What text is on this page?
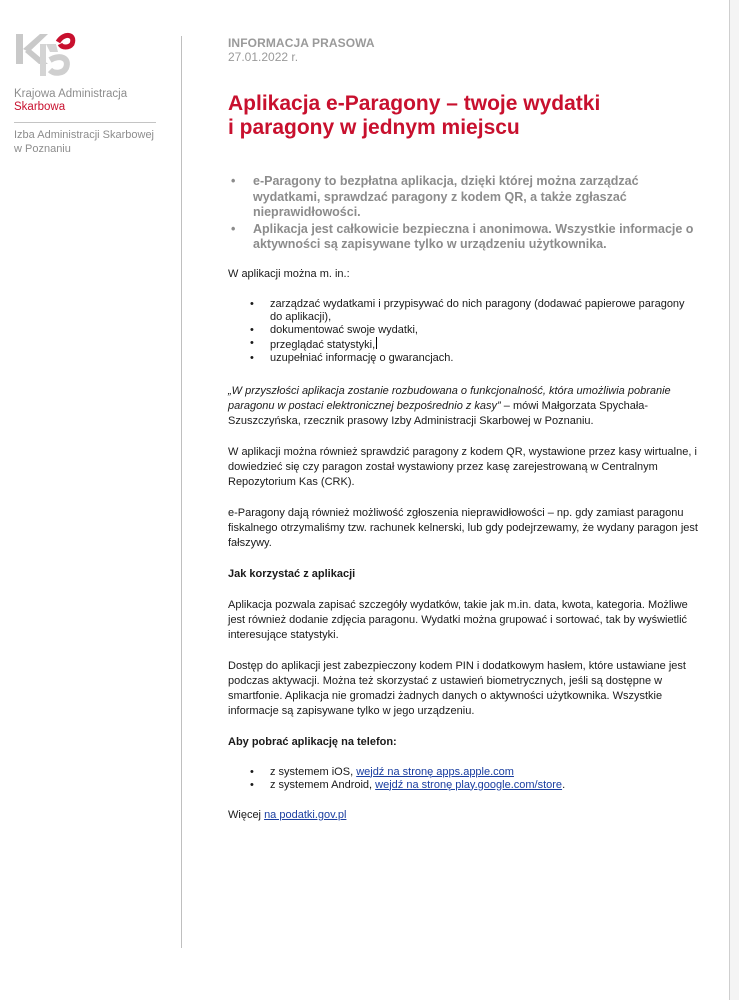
Krajowa Administracja
Skarbowa
Izba Administracji Skarbowej
w Poznaniu
INFORMACJA PRASOWA
27.01.2022 r.
Aplikacja e-Paragony – twoje wydatki
i paragony w jednym miejscu
• e-Paragony to bezpłatna aplikacja, dzięki której można zarządzać wydatkami, sprawdzać paragony z kodem QR, a także zgłaszać nieprawidłowości.
• Aplikacja jest całkowicie bezpieczna i anonimowa. Wszystkie informacje o aktywności są zapisywane tylko w urządzeniu użytkownika.

W aplikacji można m. in.:

• zarządzać wydatkami i przypisywać do nich paragony (dodawać papierowe paragony do aplikacji),
• dokumentować swoje wydatki,
• przeglądać statystyki,
• uzupełniać informację o gwarancjach.

„W przyszłości aplikacja zostanie rozbudowana o funkcjonalność, która umożliwia pobranie paragonu w postaci elektronicznej bezpośrednio z kasy” – mówi Małgorzata Spychała-Szuszczyńska, rzecznik prasowy Izby Administracji Skarbowej w Poznaniu.

W aplikacji można również sprawdzić paragony z kodem QR, wystawione przez kasy wirtualne, i dowiedzieć się czy paragon został wystawiony przez kasę zarejestrowaną w Centralnym Repozytorium Kas (CRK).

e-Paragony dają również możliwość zgłoszenia nieprawidłowości – np. gdy zamiast paragonu fiskalnego otrzymaliśmy tzw. rachunek kelnerski, lub gdy podejrzewamy, że wydany paragon jest fałszywy.

Jak korzystać z aplikacji

Aplikacja pozwala zapisać szczegóły wydatków, takie jak m.in. data, kwota, kategoria. Możliwe jest również dodanie zdjęcia paragonu. Wydatki można grupować i sortować, tak by wyświetlić interesujące statystyki.

Dostęp do aplikacji jest zabezpieczony kodem PIN i dodatkowym hasłem, które ustawiane jest podczas aktywacji. Można też skorzystać z ustawień biometrycznych, jeśli są dostępne w smartfonie. Aplikacja nie gromadzi żadnych danych o aktywności użytkownika. Wszystkie informacje są zapisywane tylko w jego urządzeniu.

Aby pobrać aplikację na telefon:

• z systemem iOS, wejdź na stronę apps.apple.com
• z systemem Android, wejdź na stronę play.google.com/store.

Więcej na podatki.gov.pl
